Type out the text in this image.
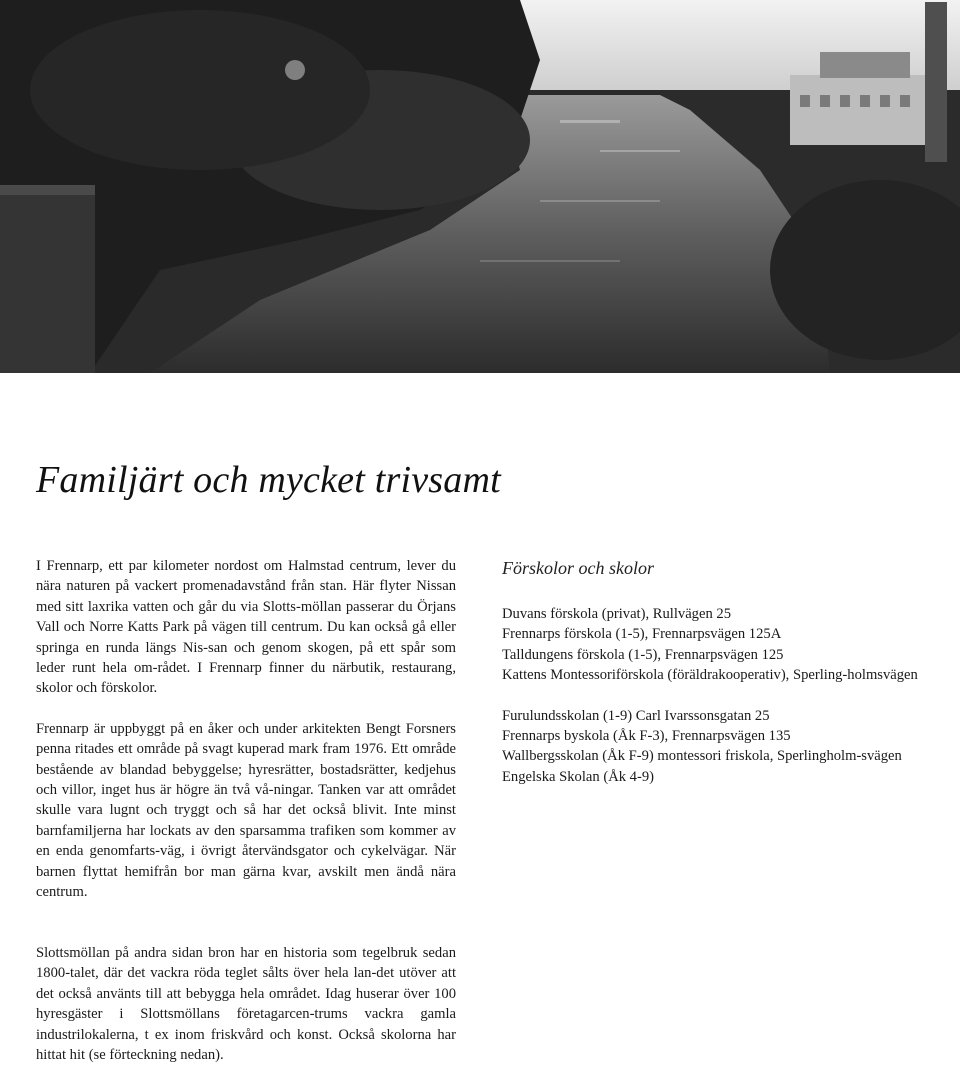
Familjärt och mycket trivsamt

I Frennarp, ett par kilometer nordost om Halmstad centrum, lever du nära naturen på vackert promenadavstånd från stan. Här flyter Nissan med sitt laxrika vatten och går du via Slotts-möllan passerar du Örjans Vall och Norre Katts Park på vägen till centrum. Du kan också gå eller springa en runda längs Nis-san och genom skogen, på ett spår som leder runt hela om-rådet. I Frennarp finner du närbutik, restaurang, skolor och förskolor.

Frennarp är uppbyggt på en åker och under arkitekten Bengt Forsners penna ritades ett område på svagt kuperad mark fram 1976. Ett område bestående av blandad bebyggelse; hyresrätter, bostadsrätter, kedjehus och villor, inget hus är högre än två vå-ningar. Tanken var att området skulle vara lugnt och tryggt och så har det också blivit. Inte minst barnfamiljerna har lockats av den sparsamma trafiken som kommer av en enda genomfarts-väg, i övrigt återvändsgator och cykelvägar. När barnen flyttat hemifrån bor man gärna kvar, avskilt men ändå nära centrum.

Förskolor och skolor
Duvans förskola (privat), Rullvägen 25
Frennarps förskola (1-5), Frennarpsvägen 125A
Talldungens förskola (1-5), Frennarpsvägen 125
Kattens Montessoriförskola (föräldrakooperativ), Sperling-holmsvägen
Furulundsskolan (1-9) Carl Ivarssonsgatan 25
Frennarps byskola (Åk F-3), Frennarpsvägen 135
Wallbergsskolan (Åk F-9) montessori friskola, Sperlingholm-svägen
Engelska Skolan (Åk 4-9)

Slottsmöllan på andra sidan bron har en historia som tegelbruk sedan 1800-talet, där det vackra röda teglet sålts över hela lan-det utöver att det också använts till att bebygga hela området. Idag huserar över 100 hyresgäster i Slottsmöllans företagarcen-trums vackra gamla industrilokalerna, t ex inom friskvård och konst. Också skolorna har hittat hit (se förteckning nedan).
